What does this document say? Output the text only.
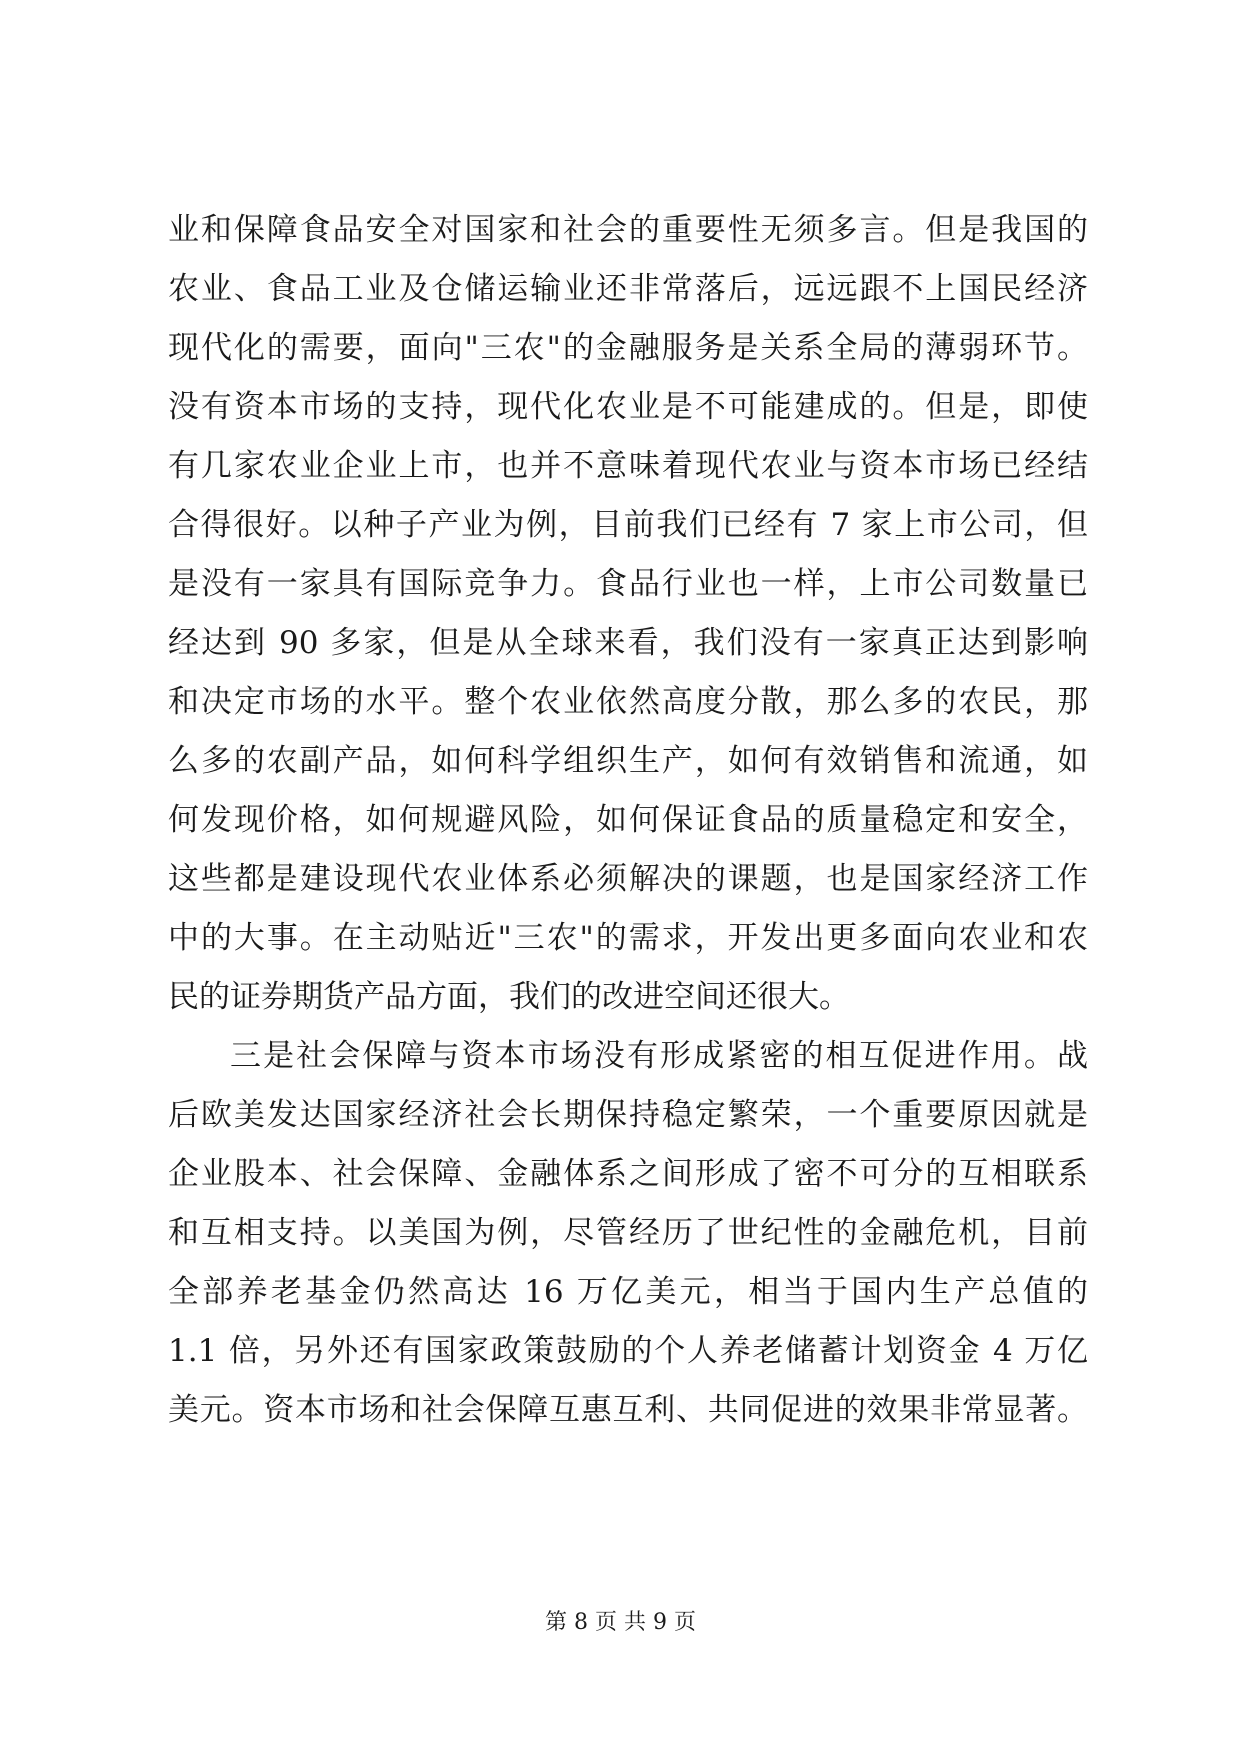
业和保障食品安全对国家和社会的重要性无须多言。但是我国的
农业、食品工业及仓储运输业还非常落后，远远跟不上国民经济
现代化的需要，面向"三农"的金融服务是关系全局的薄弱环节。
没有资本市场的支持，现代化农业是不可能建成的。但是，即使
有几家农业企业上市，也并不意味着现代农业与资本市场已经结
合得很好。以种子产业为例，目前我们已经有 7 家上市公司，但
是没有一家具有国际竞争力。食品行业也一样，上市公司数量已
经达到 90 多家，但是从全球来看，我们没有一家真正达到影响
和决定市场的水平。整个农业依然高度分散，那么多的农民，那
么多的农副产品，如何科学组织生产，如何有效销售和流通，如
何发现价格，如何规避风险，如何保证食品的质量稳定和安全，
这些都是建设现代农业体系必须解决的课题，也是国家经济工作
中的大事。在主动贴近"三农"的需求，开发出更多面向农业和农
民的证券期货产品方面，我们的改进空间还很大。
三是社会保障与资本市场没有形成紧密的相互促进作用。战
后欧美发达国家经济社会长期保持稳定繁荣，一个重要原因就是
企业股本、社会保障、金融体系之间形成了密不可分的互相联系
和互相支持。以美国为例，尽管经历了世纪性的金融危机，目前
全部养老基金仍然高达 16 万亿美元，相当于国内生产总值的
1.1 倍，另外还有国家政策鼓励的个人养老储蓄计划资金 4 万亿
美元。资本市场和社会保障互惠互利、共同促进的效果非常显著。
第 8 页 共 9 页
